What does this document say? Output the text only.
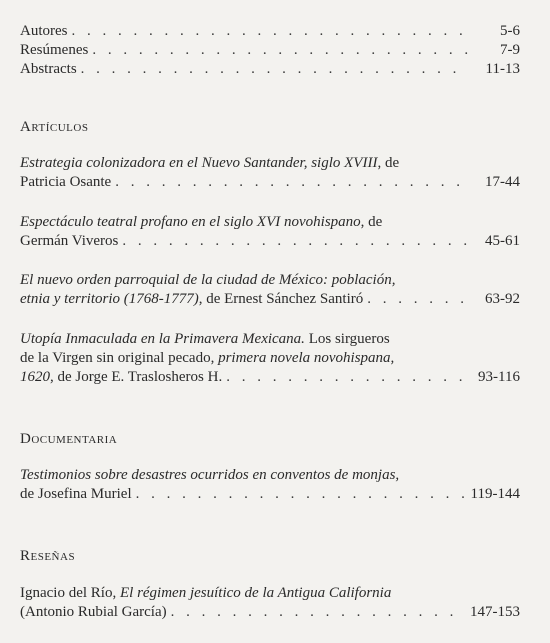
Autores . . .	5-6
Resúmenes . . .	7-9
Abstracts . . .	11-13
Artículos
Estrategia colonizadora en el Nuevo Santander, siglo XVIII, de
Patricia Osante . . .	17-44
Espectáculo teatral profano en el siglo XVI novohispano, de
Germán Viveros . . .	45-61
El nuevo orden parroquial de la ciudad de México: población,
etnia y territorio (1768-1777), de Ernest Sánchez Santiró . . .	63-92
Utopía Inmaculada en la Primavera Mexicana. Los sirgueros
de la Virgen sin original pecado, primera novela novohispana,
1620, de Jorge E. Traslosheros H. . . .	93-116
Documentaria
Testimonios sobre desastres ocurridos en conventos de monjas,
de Josefina Muriel . . .	119-144
Reseñas
Ignacio del Río, El régimen jesuítico de la Antigua California
(Antonio Rubial García) . . .	147-153
